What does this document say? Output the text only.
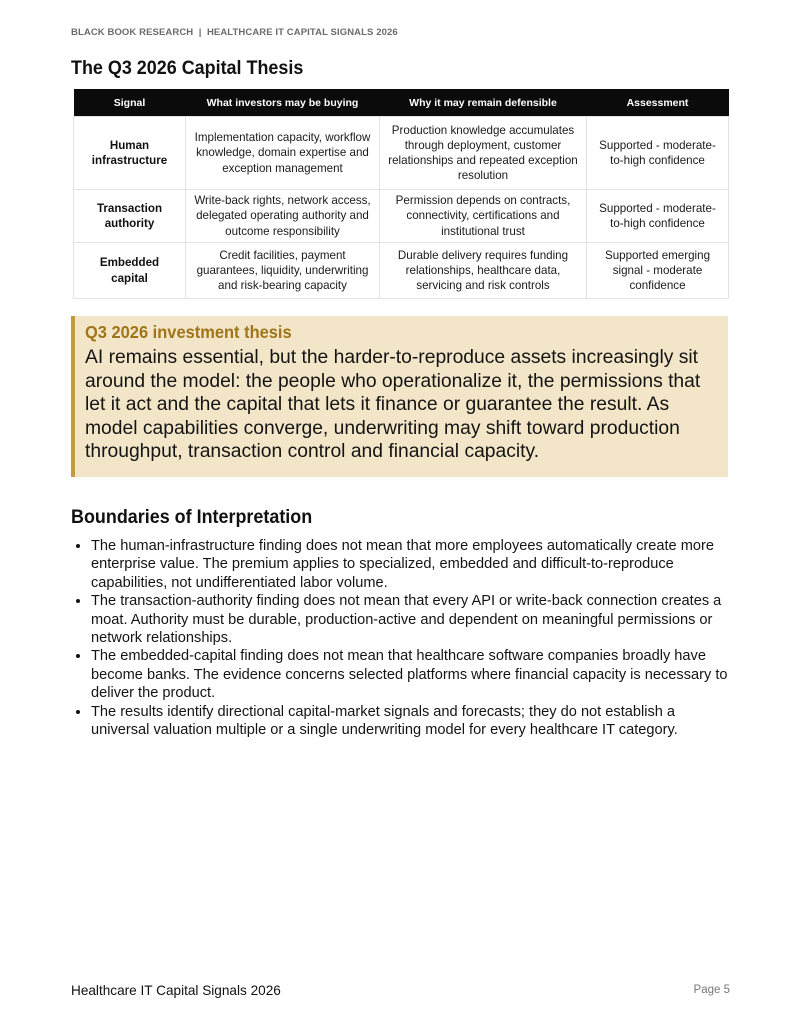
BLACK BOOK RESEARCH  |  HEALTHCARE IT CAPITAL SIGNALS 2026
The Q3 2026 Capital Thesis
Signal	What investors may be buying	Why it may remain defensible	Assessment
Human infrastructure	Implementation capacity, workflow knowledge, domain expertise and exception management	Production knowledge accumulates through deployment, customer relationships and repeated exception resolution	Supported - moderate-to-high confidence
Transaction authority	Write-back rights, network access, delegated operating authority and outcome responsibility	Permission depends on contracts, connectivity, certifications and institutional trust	Supported - moderate-to-high confidence
Embedded capital	Credit facilities, payment guarantees, liquidity, underwriting and risk-bearing capacity	Durable delivery requires funding relationships, healthcare data, servicing and risk controls	Supported emerging signal - moderate confidence
Q3 2026 investment thesis

AI remains essential, but the harder-to-reproduce assets increasingly sit around the model: the people who operationalize it, the permissions that let it act and the capital that lets it finance or guarantee the result. As model capabilities converge, underwriting may shift toward production throughput, transaction control and financial capacity.

Boundaries of Interpretation
• The human-infrastructure finding does not mean that more employees automatically create more enterprise value. The premium applies to specialized, embedded and difficult-to-reproduce capabilities, not undifferentiated labor volume.
• The transaction-authority finding does not mean that every API or write-back connection creates a moat. Authority must be durable, production-active and dependent on meaningful permissions or network relationships.
• The embedded-capital finding does not mean that healthcare software companies broadly have become banks. The evidence concerns selected platforms where financial capacity is necessary to deliver the product.
• The results identify directional capital-market signals and forecasts; they do not establish a universal valuation multiple or a single underwriting model for every healthcare IT category.
Healthcare IT Capital Signals 2026	Page 5
